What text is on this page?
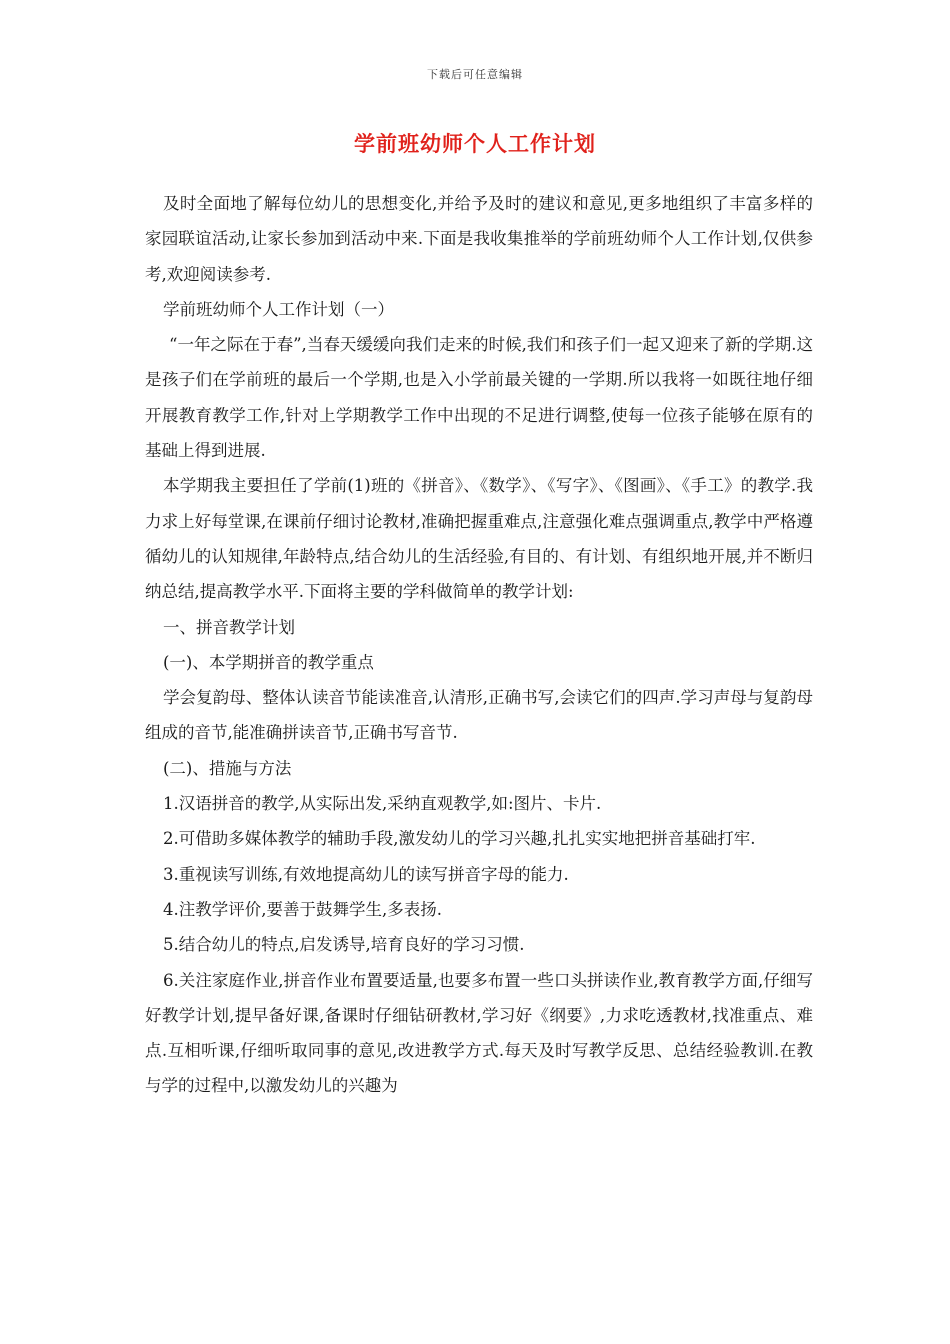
下载后可任意编辑
学前班幼师个人工作计划

及时全面地了解每位幼儿的思想变化,并给予及时的建议和意见,更多地组织了丰富多样的家园联谊活动,让家长参加到活动中来.下面是我收集推举的学前班幼师个人工作计划,仅供参考,欢迎阅读参考.

学前班幼师个人工作计划（一）

“一年之际在于春”,当春天缓缓向我们走来的时候,我们和孩子们一起又迎来了新的学期.这是孩子们在学前班的最后一个学期,也是入小学前最关键的一学期.所以我将一如既往地仔细开展教育教学工作,针对上学期教学工作中出现的不足进行调整,使每一位孩子能够在原有的基础上得到进展.

本学期我主要担任了学前(1)班的《拼音》、《数学》、《写字》、《图画》、《手工》的教学.我力求上好每堂课,在课前仔细讨论教材,准确把握重难点,注意强化难点强调重点,教学中严格遵循幼儿的认知规律,年龄特点,结合幼儿的生活经验,有目的、有计划、有组织地开展,并不断归纳总结,提高教学水平.下面将主要的学科做简单的教学计划:

一、拼音教学计划

(一)、本学期拼音的教学重点

学会复韵母、整体认读音节能读准音,认清形,正确书写,会读它们的四声.学习声母与复韵母组成的音节,能准确拼读音节,正确书写音节.

(二)、措施与方法

1.汉语拼音的教学,从实际出发,采纳直观教学,如:图片、卡片.

2.可借助多媒体教学的辅助手段,激发幼儿的学习兴趣,扎扎实实地把拼音基础打牢.

3.重视读写训练,有效地提高幼儿的读写拼音字母的能力.

4.注教学评价,要善于鼓舞学生,多表扬.

5.结合幼儿的特点,启发诱导,培育良好的学习习惯.

6.关注家庭作业,拼音作业布置要适量,也要多布置一些口头拼读作业,教育教学方面,仔细写好教学计划,提早备好课,备课时仔细钻研教材,学习好《纲要》,力求吃透教材,找准重点、难点.互相听课,仔细听取同事的意见,改进教学方式.每天及时写教学反思、总结经验教训.在教与学的过程中,以激发幼儿的兴趣为
